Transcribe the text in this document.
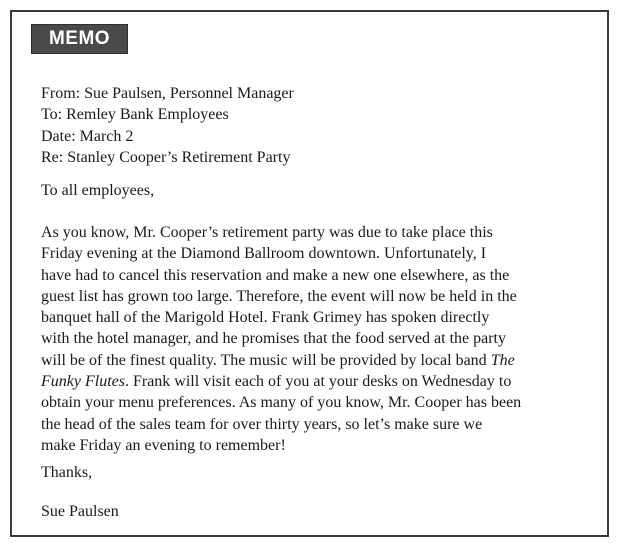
MEMO
From: Sue Paulsen, Personnel Manager
To: Remley Bank Employees
Date: March 2
Re: Stanley Cooper’s Retirement Party
To all employees,
As you know, Mr. Cooper’s retirement party was due to take place this
Friday evening at the Diamond Ballroom downtown. Unfortunately, I
have had to cancel this reservation and make a new one elsewhere, as the
guest list has grown too large. Therefore, the event will now be held in the
banquet hall of the Marigold Hotel. Frank Grimey has spoken directly
with the hotel manager, and he promises that the food served at the party
will be of the finest quality. The music will be provided by local band The
Funky Flutes. Frank will visit each of you at your desks on Wednesday to
obtain your menu preferences. As many of you know, Mr. Cooper has been
the head of the sales team for over thirty years, so let’s make sure we
make Friday an evening to remember!
Thanks,
Sue Paulsen
